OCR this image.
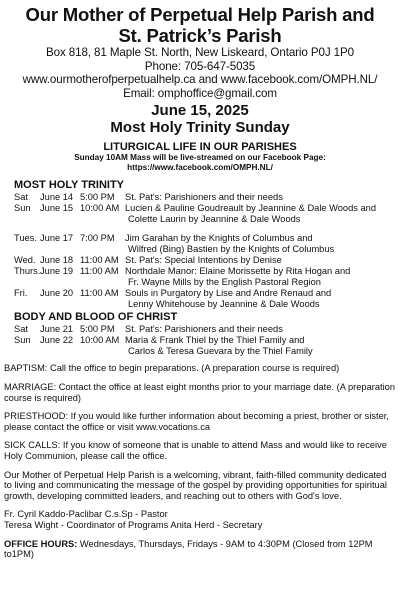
Our Mother of Perpetual Help Parish and
St. Patrick’s Parish
Box 818, 81 Maple St. North, New Liskeard, Ontario P0J 1P0
Phone: 705-647-5035
www.ourmotherofperpetualhelp.ca and www.facebook.com/OMPH.NL/
Email: omphoffice@gmail.com
June 15, 2025
Most Holy Trinity Sunday
LITURGICAL LIFE IN OUR PARISHES
Sunday 10AM Mass will be live-streamed on our Facebook Page:
https://www.facebook.com/OMPH.NL/
MOST HOLY TRINITY
Sat	June 14 5:00 PM	St. Pat's: Parishioners and their needs
Sun	June 15 10:00 AM Lucien & Pauline Goudreault by Jeannine & Dale Woods and
Colette Laurin by Jeannine & Dale Woods
Tues. June 17 7:00 PM	Jim Garahan by the Knights of Columbus and
Wilfred (Bing) Bastien by the Knights of Columbus
Wed. June 18 11:00 AM St. Pat's: Special Intentions by Denise
Thurs. June 19 11:00 AM Northdale Manor: Elaine Morissette by Rita Hogan and
Fr. Wayne Mills by the English Pastoral Region
Fri.	June 20 11:00 AM Souls in Purgatory by Lise and Andre Renaud and
Lenny Whitehouse by Jeannine & Dale Woods
BODY AND BLOOD OF CHRIST
Sat	June 21 5:00 PM	St. Pat's: Parishioners and their needs
Sun	June 22 10:00 AM Maria & Frank Thiel by the Thiel Family and
Carlos & Teresa Guevara by the Thiel Family

BAPTISM: Call the office to begin preparations. (A preparation course is required)

MARRIAGE: Contact the office at least eight months prior to your marriage date. (A preparation course is required)

PRIESTHOOD: If you would like further information about becoming a priest, brother or sister, please contact the office or visit www.vocations.ca

SICK CALLS: If you know of someone that is unable to attend Mass and would like to receive Holy Communion, please call the office.

Our Mother of Perpetual Help Parish is a welcoming, vibrant, faith-filled community dedicated to living and communicating the message of the gospel by providing opportunities for spiritual growth, developing committed leaders, and reaching out to others with God's love.

Fr. Cyril Kaddo-Paclibar C.s.Sp - Pastor
Teresa Wight - Coordinator of Programs Anita Herd - Secretary
OFFICE HOURS: Wednesdays, Thursdays, Fridays - 9AM to 4:30PM (Closed from 12PM to1PM)
